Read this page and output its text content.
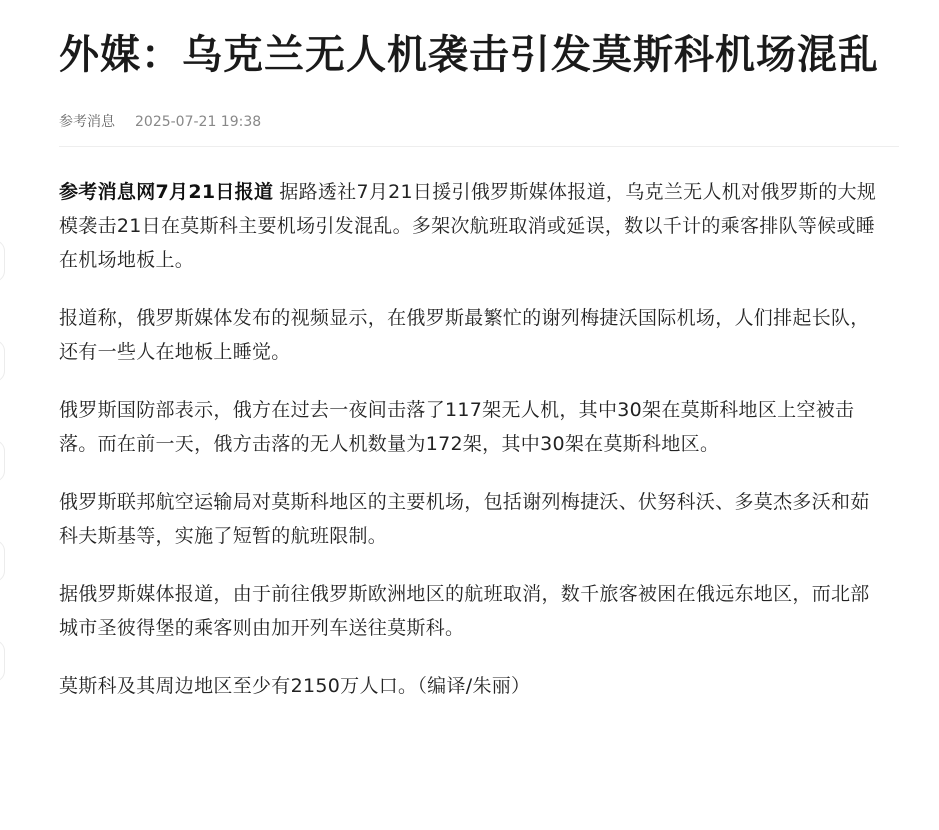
外媒：乌克兰无人机袭击引发莫斯科机场混乱
参考消息 2025-07-21 19:38

参考消息网7月21日报道 据路透社7月21日援引俄罗斯媒体报道，乌克兰无人机对俄罗斯的大规模袭击21日在莫斯科主要机场引发混乱。多架次航班取消或延误，数以千计的乘客排队等候或睡在机场地板上。

报道称，俄罗斯媒体发布的视频显示，在俄罗斯最繁忙的谢列梅捷沃国际机场，人们排起长队，还有一些人在地板上睡觉。

俄罗斯国防部表示，俄方在过去一夜间击落了117架无人机，其中30架在莫斯科地区上空被击落。而在前一天，俄方击落的无人机数量为172架，其中30架在莫斯科地区。

俄罗斯联邦航空运输局对莫斯科地区的主要机场，包括谢列梅捷沃、伏努科沃、多莫杰多沃和茹科夫斯基等，实施了短暂的航班限制。

据俄罗斯媒体报道，由于前往俄罗斯欧洲地区的航班取消，数千旅客被困在俄远东地区，而北部城市圣彼得堡的乘客则由加开列车送往莫斯科。

莫斯科及其周边地区至少有2150万人口。（编译/朱丽）
